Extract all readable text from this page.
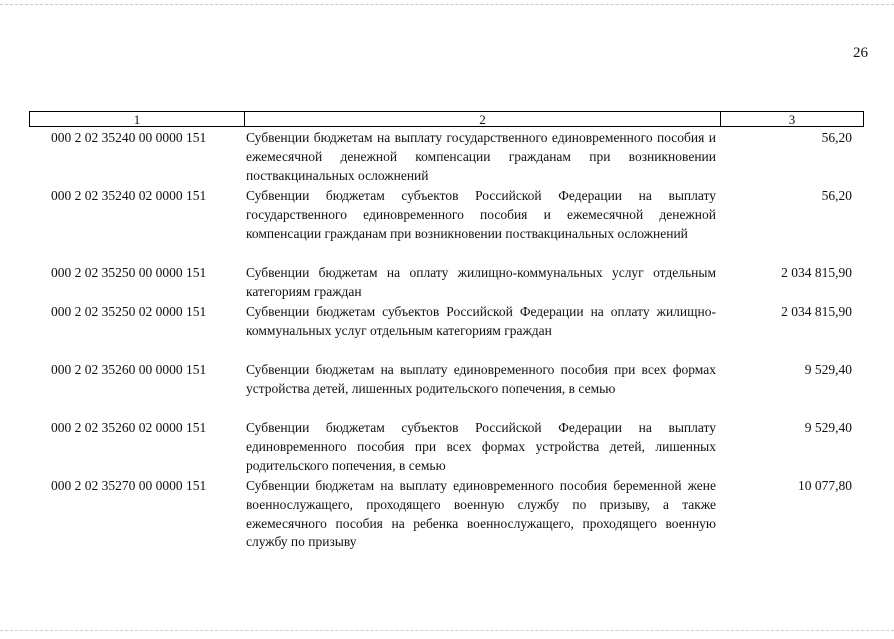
26
1	2	3
000 2 02 35240 00 0000 151	Субвенции бюджетам на выплату государственного единовременного пособия и ежемесячной денежной компенсации гражданам при возникновении поствакцинальных осложнений
56,20
000 2 02 35240 02 0000 151	Субвенции бюджетам субъектов Российской Федерации на выплату государственного единовременного пособия и ежемесячной денежной компенсации гражданам при возникновении поствакцинальных осложнений
56,20
000 2 02 35250 00 0000 151	Субвенции бюджетам на оплату жилищно-коммунальных услуг отдельным категориям граждан
2 034 815,90
000 2 02 35250 02 0000 151	Субвенции бюджетам субъектов Российской Федерации на оплату жилищно-коммунальных услуг отдельным категориям граждан
2 034 815,90
000 2 02 35260 00 0000 151	Субвенции бюджетам на выплату единовременного пособия при всех формах устройства детей, лишенных родительского попечения, в семью
9 529,40
000 2 02 35260 02 0000 151	Субвенции бюджетам субъектов Российской Федерации на выплату единовременного пособия при всех формах устройства детей, лишенных родительского попечения, в семью
9 529,40
000 2 02 35270 00 0000 151	Субвенции бюджетам на выплату единовременного пособия беременной жене военнослужащего, проходящего военную службу по призыву, а также ежемесячного пособия на ребенка военнослужащего, проходящего военную службу по призыву
10 077,80
